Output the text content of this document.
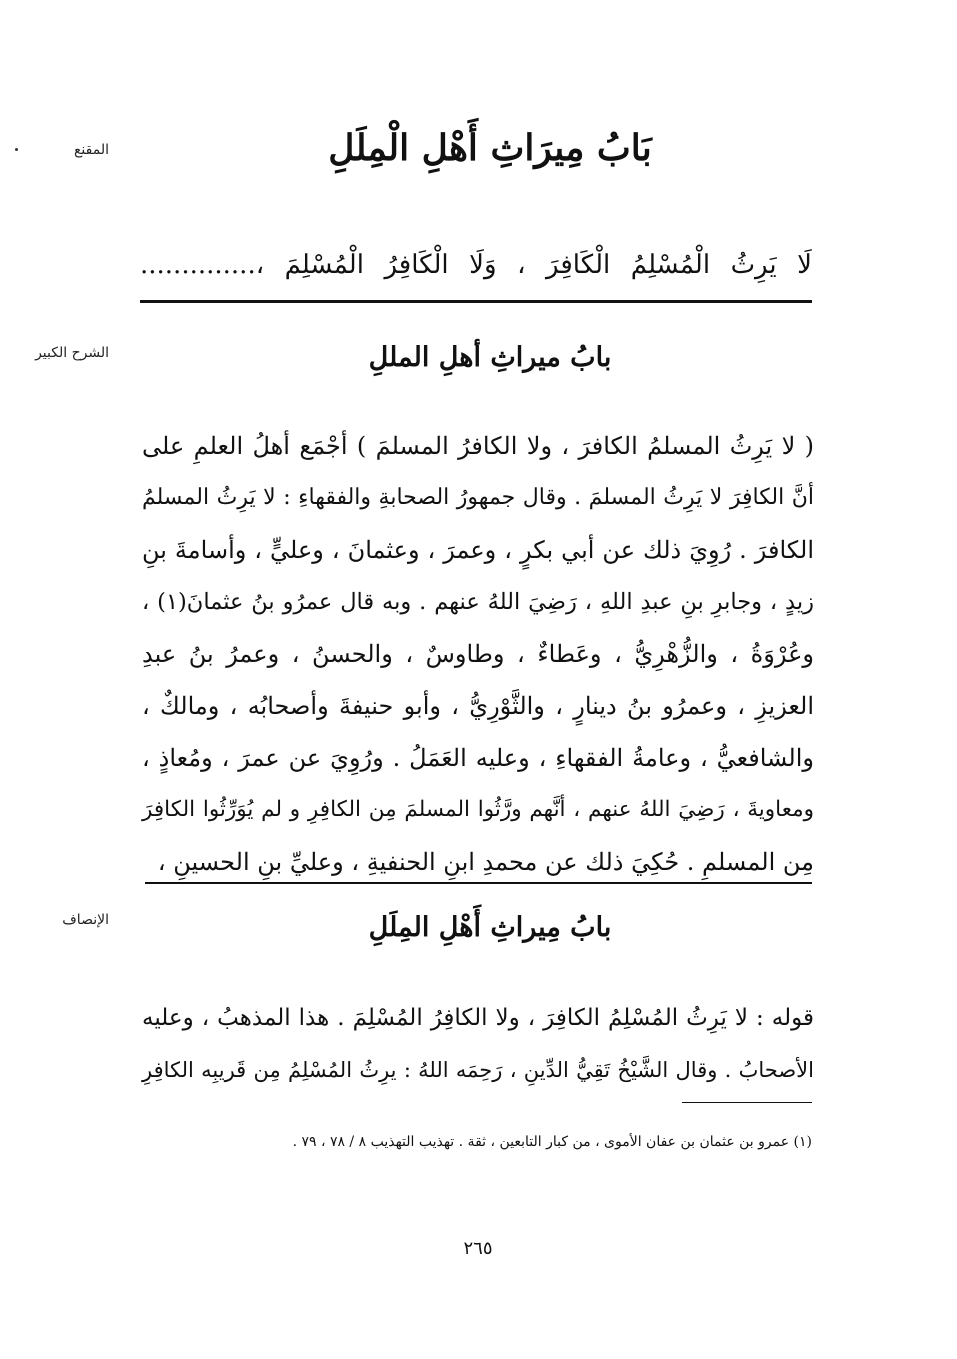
المقنع	بَابُ مِيرَاثِ أَهْلِ الْمِلَلِ
لَا يَرِثُ الْمُسْلِمُ الْكَافِرَ ، وَلَا الْكَافِرُ الْمُسْلِمَ ،..............
الشرح الكبير	بابُ ميراثِ أهلِ المللِ
( لا يَرِثُ المسلمُ الكافرَ ، ولا الكافرُ المسلمَ ) أجْمَع أهلُ العلمِ على
أنَّ الكافِرَ لا يَرِثُ المسلمَ . وقال جمهورُ الصحابةِ والفقهاءِ : لا يَرِثُ المسلمُ
الكافرَ . رُوِيَ ذلك عن أبي بكرٍ ، وعمرَ ، وعثمانَ ، وعليٍّ ، وأسامةَ بنِ
زيدٍ ، وجابرِ بنِ عبدِ اللهِ ، رَضِيَ اللهُ عنهم . وبه قال عمرُو بنُ عثمانَ(١) ،
وعُرْوَةُ ، والزُّهْرِيُّ ، وعَطاءٌ ، وطاوسٌ ، والحسنُ ، وعمرُ بنُ عبدِ
العزيزِ ، وعمرُو بنُ دينارٍ ، والثَّوْرِيُّ ، وأبو حنيفةَ وأصحابُه ، ومالكٌ ،
والشافعيُّ ، وعامةُ الفقهاءِ ، وعليه العَمَلُ . ورُوِيَ عن عمرَ ، ومُعاذٍ ،
ومعاويةَ ، رَضِيَ اللهُ عنهم ، أنَّهم ورَّثُوا المسلمَ مِن الكافِرِ و لم يُوَرِّثُوا الكافِرَ
مِن المسلمِ . حُكِيَ ذلك عن محمدِ ابنِ الحنفيةِ ، وعليِّ بنِ الحسينِ ،
الإنصاف	بابُ مِيراثِ أَهْلِ المِلَلِ
قوله : لا يَرِثُ المُسْلِمُ الكافِرَ ، ولا الكافِرُ المُسْلِمَ . هذا المذهبُ ، وعليه
الأصحابُ . وقال الشَّيْخُ تَقِيُّ الدِّينِ ، رَحِمَه اللهُ : يرِثُ المُسْلِمُ مِن قَريبِه الكافِرِ
(١) عمرو بن عثمان بن عفان الأموى ، من كبار التابعين ، ثقة . تهذيب التهذيب ٨ / ٧٨ ، ٧٩ .
٢٦٥
